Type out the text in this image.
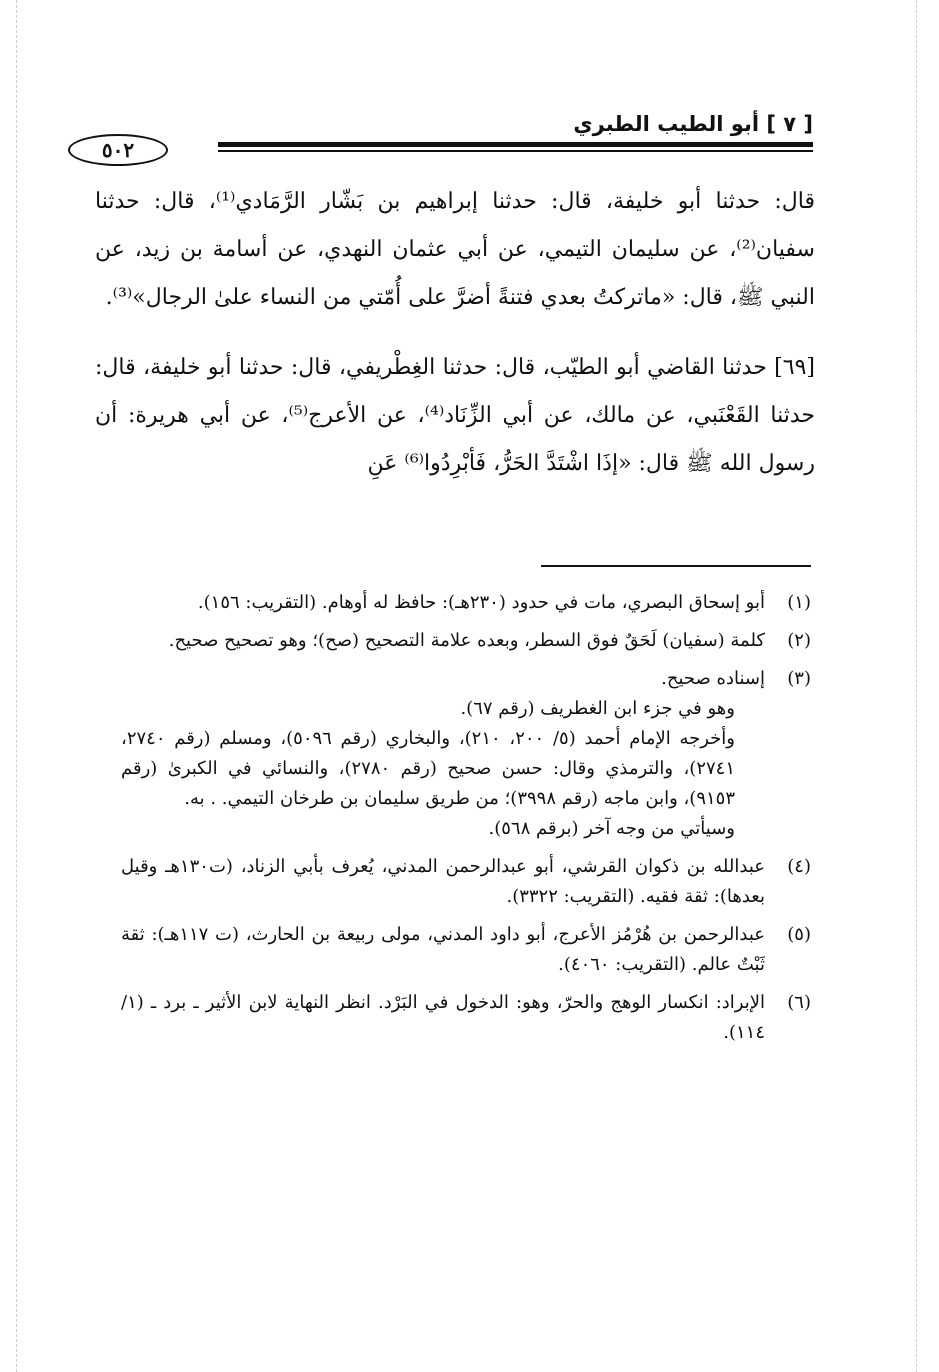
[ ٧ ] أبو الطيب الطبري
٥٠٢

قال: حدثنا أبو خليفة، قال: حدثنا إبراهيم بن بَشّار الرَّمَادي⁽¹⁾، قال: حدثنا سفيان⁽²⁾، عن سليمان التيمي، عن أبي عثمان النهدي، عن أسامة بن زيد، عن النبي ﷺ، قال: «ماتركتُ بعدي فتنةً أضرَّ على أُمّتي من النساء علىٰ الرجال»⁽³⁾.

[٦٩] حدثنا القاضي أبو الطيّب، قال: حدثنا الغِطْريفي، قال: حدثنا أبو خليفة، قال: حدثنا القَعْنَبي، عن مالك، عن أبي الزِّنَاد⁽⁴⁾، عن الأعرج⁽⁵⁾، عن أبي هريرة: أن رسول الله ﷺ قال: «إذَا اشْتَدَّ الحَرُّ، فَأبْرِدُوا⁽⁶⁾ عَنِ

(١)

أبو إسحاق البصري، مات في حدود (٢٣٠هـ): حافظ له أوهام. (التقريب: ١٥٦).

(٢)

كلمة (سفيان) لَحَقٌ فوق السطر، وبعده علامة التصحيح (صح)؛ وهو تصحيح صحيح.

(٣)

إسناده صحيح.

وهو في جزء ابن الغطريف (رقم ٦٧).

وأخرجه الإمام أحمد (٥/ ٢٠٠، ٢١٠)، والبخاري (رقم ٥٠٩٦)، ومسلم (رقم ٢٧٤٠، ٢٧٤١)، والترمذي وقال: حسن صحيح (رقم ٢٧٨٠)، والنسائي في الكبرىٰ (رقم ٩١٥٣)، وابن ماجه (رقم ٣٩٩٨)؛ من طريق سليمان بن طرخان التيمي. . به.

وسيأتي من وجه آخر (برقم ٥٦٨).

(٤)

عبدالله بن ذكوان القرشي، أبو عبدالرحمن المدني، يُعرف بأبي الزناد، (ت١٣٠هـ وقيل بعدها): ثقة فقيه. (التقريب: ٣٣٢٢).

(٥)

عبدالرحمن بن هُرْمُز الأعرج، أبو داود المدني، مولى ربيعة بن الحارث، (ت ١١٧هـ): ثقة ثَبْتٌ عالم. (التقريب: ٤٠٦٠).

(٦)

الإبراد: انكسار الوهج والحرّ، وهو: الدخول في البَرْد. انظر النهاية لابن الأثير ـ برد ـ (١/ ١١٤).
